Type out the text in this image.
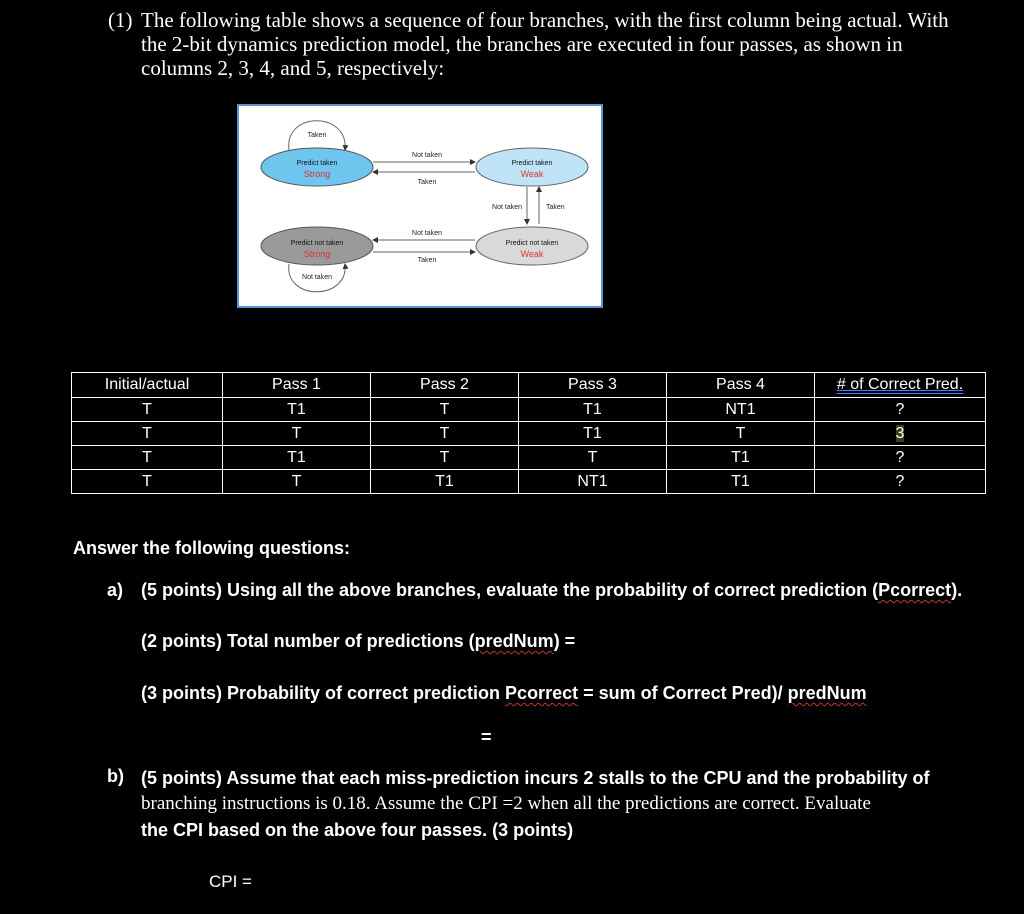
(1) The following table shows a sequence of four branches, with the first column being actual. With the 2-bit dynamics prediction model, the branches are executed in four passes, as shown in columns 2, 3, 4, and 5, respectively:
Taken
Predict taken
Strong
Predict taken
Weak
Not taken
Taken
Not taken	Taken
Predict not taken
Strong
Predict not taken
Weak
Not taken
Taken
Not taken
Initial/actual	Pass 1	Pass 2	Pass 3	Pass 4	# of Correct Pred.
T	T1	T	T1	NT1	?
T	T	T	T1	T	3
T	T1	T	T	T1	?
T	T	T1	NT1	T1	?
Answer the following questions:
a) (5 points) Using all the above branches, evaluate the probability of correct prediction (Pcorrect).
(2 points) Total number of predictions (predNum) =
(3 points) Probability of correct prediction Pcorrect = sum of Correct Pred)/ predNum
=
b) (5 points) Assume that each miss-prediction incurs 2 stalls to the CPU and the probability of
branching instructions is 0.18. Assume the CPI =2 when all the predictions are correct. Evaluate
the CPI based on the above four passes. (3 points)
CPI =
